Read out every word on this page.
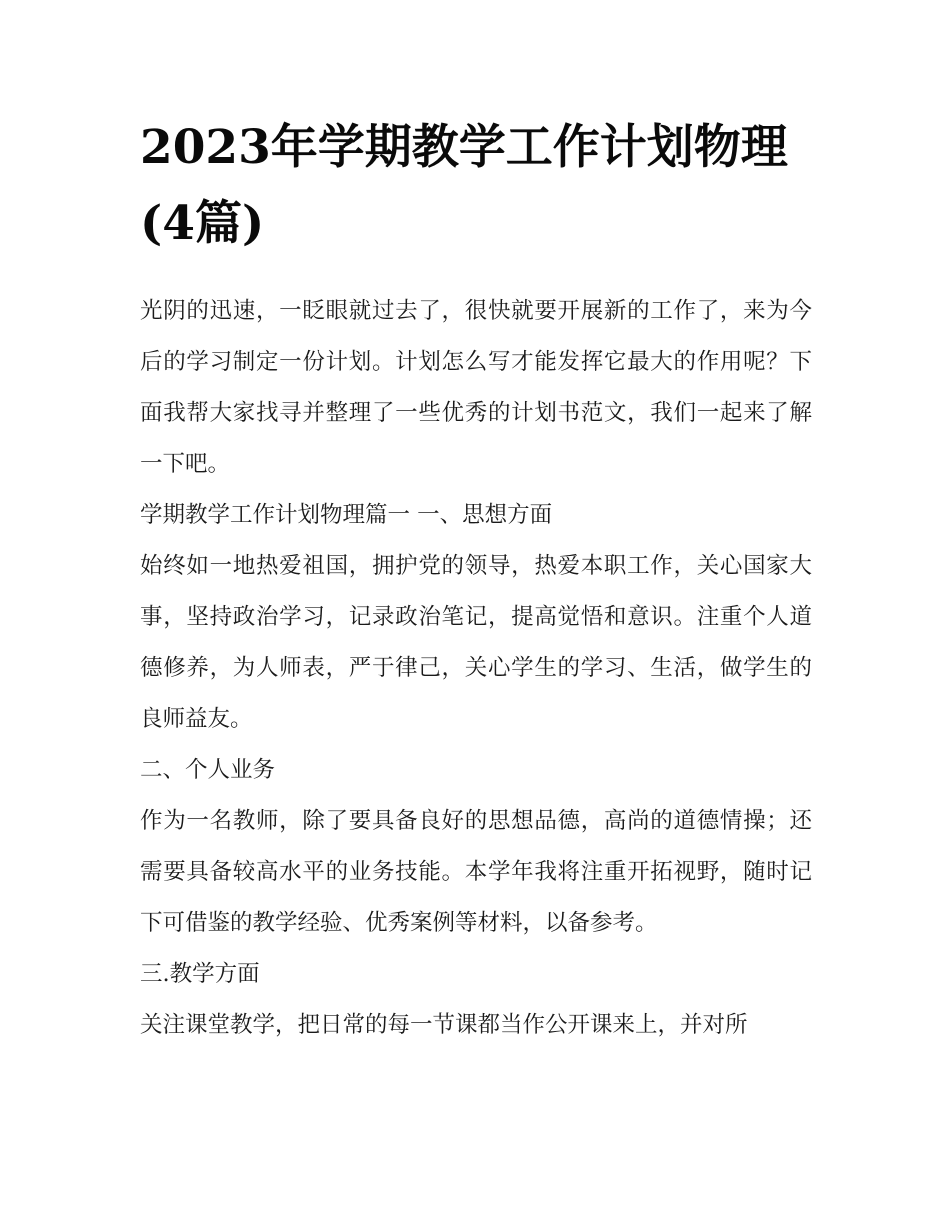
2023年学期教学工作计划物理
(4篇)

光阴的迅速，一眨眼就过去了，很快就要开展新的工作了，来为今后的学习制定一份计划。计划怎么写才能发挥它最大的作用呢？下面我帮大家找寻并整理了一些优秀的计划书范文，我们一起来了解一下吧。

学期教学工作计划物理篇一 一、思想方面

始终如一地热爱祖国，拥护党的领导，热爱本职工作，关心国家大事，坚持政治学习，记录政治笔记，提高觉悟和意识。注重个人道德修养，为人师表，严于律己，关心学生的学习、生活，做学生的良师益友。

二、个人业务

作为一名教师，除了要具备良好的思想品德，高尚的道德情操；还需要具备较高水平的业务技能。本学年我将注重开拓视野，随时记下可借鉴的教学经验、优秀案例等材料，以备参考。

三.教学方面

关注课堂教学，把日常的每一节课都当作公开课来上，并对所
